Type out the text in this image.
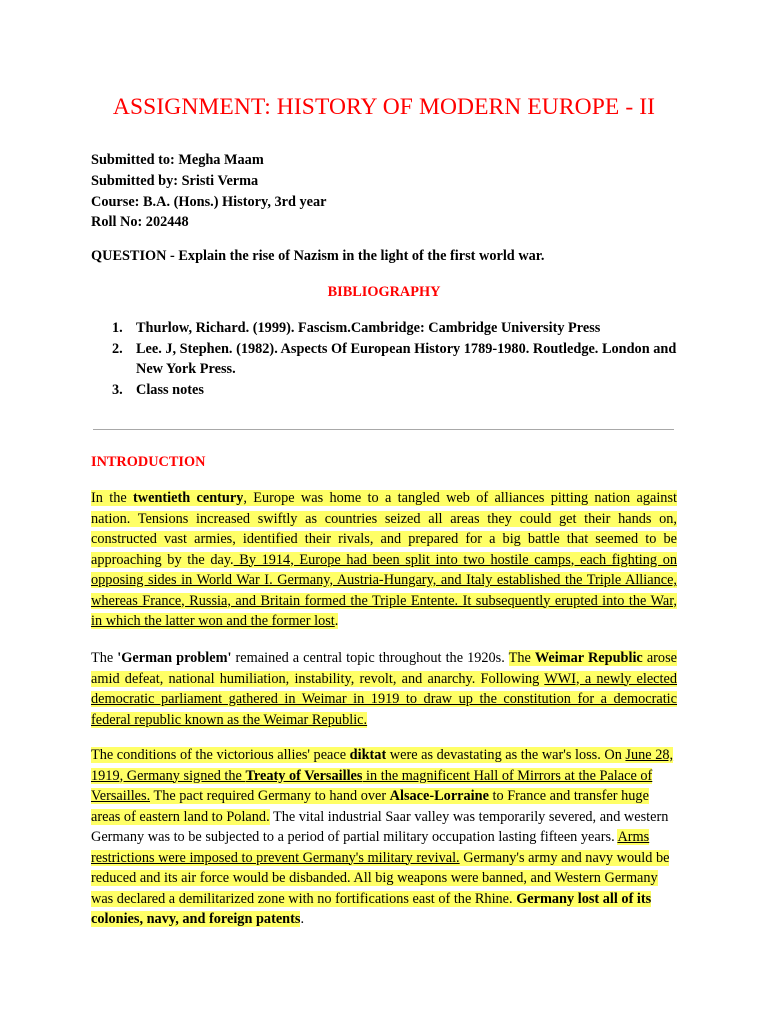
ASSIGNMENT: HISTORY OF MODERN EUROPE - II
Submitted to: Megha Maam
Submitted by: Sristi Verma
Course: B.A. (Hons.) History, 3rd year
Roll No: 202448

QUESTION - Explain the rise of Nazism in the light of the first world war.

BIBLIOGRAPHY
1. Thurlow, Richard. (1999). Fascism.Cambridge: Cambridge University Press
2. Lee. J, Stephen. (1982). Aspects Of European History 1789-1980. Routledge. London and New York Press.
3. Class notes
INTRODUCTION

In the twentieth century, Europe was home to a tangled web of alliances pitting nation against nation. Tensions increased swiftly as countries seized all areas they could get their hands on, constructed vast armies, identified their rivals, and prepared for a big battle that seemed to be approaching by the day. By 1914, Europe had been split into two hostile camps, each fighting on opposing sides in World War I. Germany, Austria-Hungary, and Italy established the Triple Alliance, whereas France, Russia, and Britain formed the Triple Entente. It subsequently erupted into the War, in which the latter won and the former lost.

The 'German problem' remained a central topic throughout the 1920s. The Weimar Republic arose amid defeat, national humiliation, instability, revolt, and anarchy. Following WWI, a newly elected democratic parliament gathered in Weimar in 1919 to draw up the constitution for a democratic federal republic known as the Weimar Republic.

The conditions of the victorious allies' peace diktat were as devastating as the war's loss. On June 28, 1919, Germany signed the Treaty of Versailles in the magnificent Hall of Mirrors at the Palace of Versailles. The pact required Germany to hand over Alsace-Lorraine to France and transfer huge areas of eastern land to Poland. The vital industrial Saar valley was temporarily severed, and western Germany was to be subjected to a period of partial military occupation lasting fifteen years. Arms restrictions were imposed to prevent Germany's military revival. Germany's army and navy would be reduced and its air force would be disbanded. All big weapons were banned, and Western Germany was declared a demilitarized zone with no fortifications east of the Rhine. Germany lost all of its colonies, navy, and foreign patents.
